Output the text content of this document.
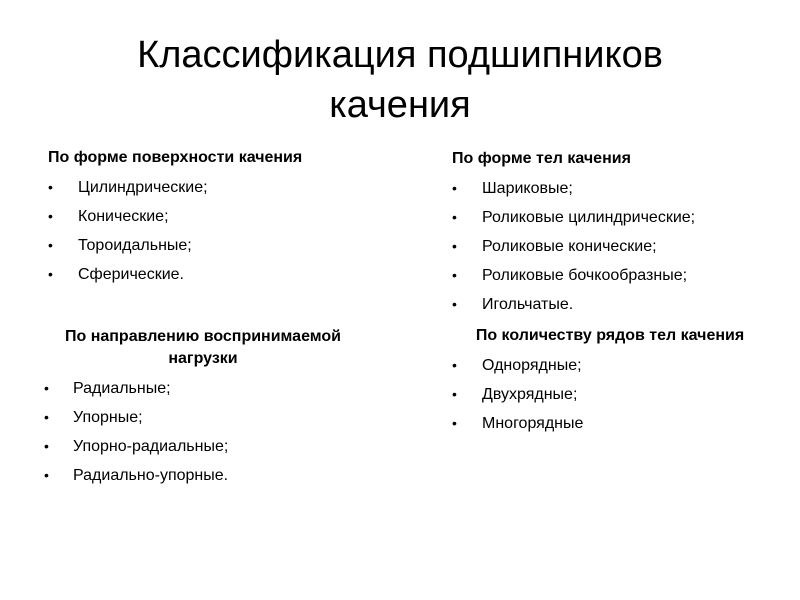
Классификация подшипников
качения

По форме поверхности качения

• Цилиндрические;
• Конические;
• Тороидальные;
• Сферические.

По форме тел качения

• Шариковые;
• Роликовые цилиндрические;
• Роликовые конические;
• Роликовые бочкообразные;
• Игольчатые.

По направлению воспринимаемой
нагрузки

• Радиальные;
• Упорные;
• Упорно-радиальные;
• Радиально-упорные.

По количеству рядов тел качения

• Однорядные;
• Двухрядные;
• Многорядные
